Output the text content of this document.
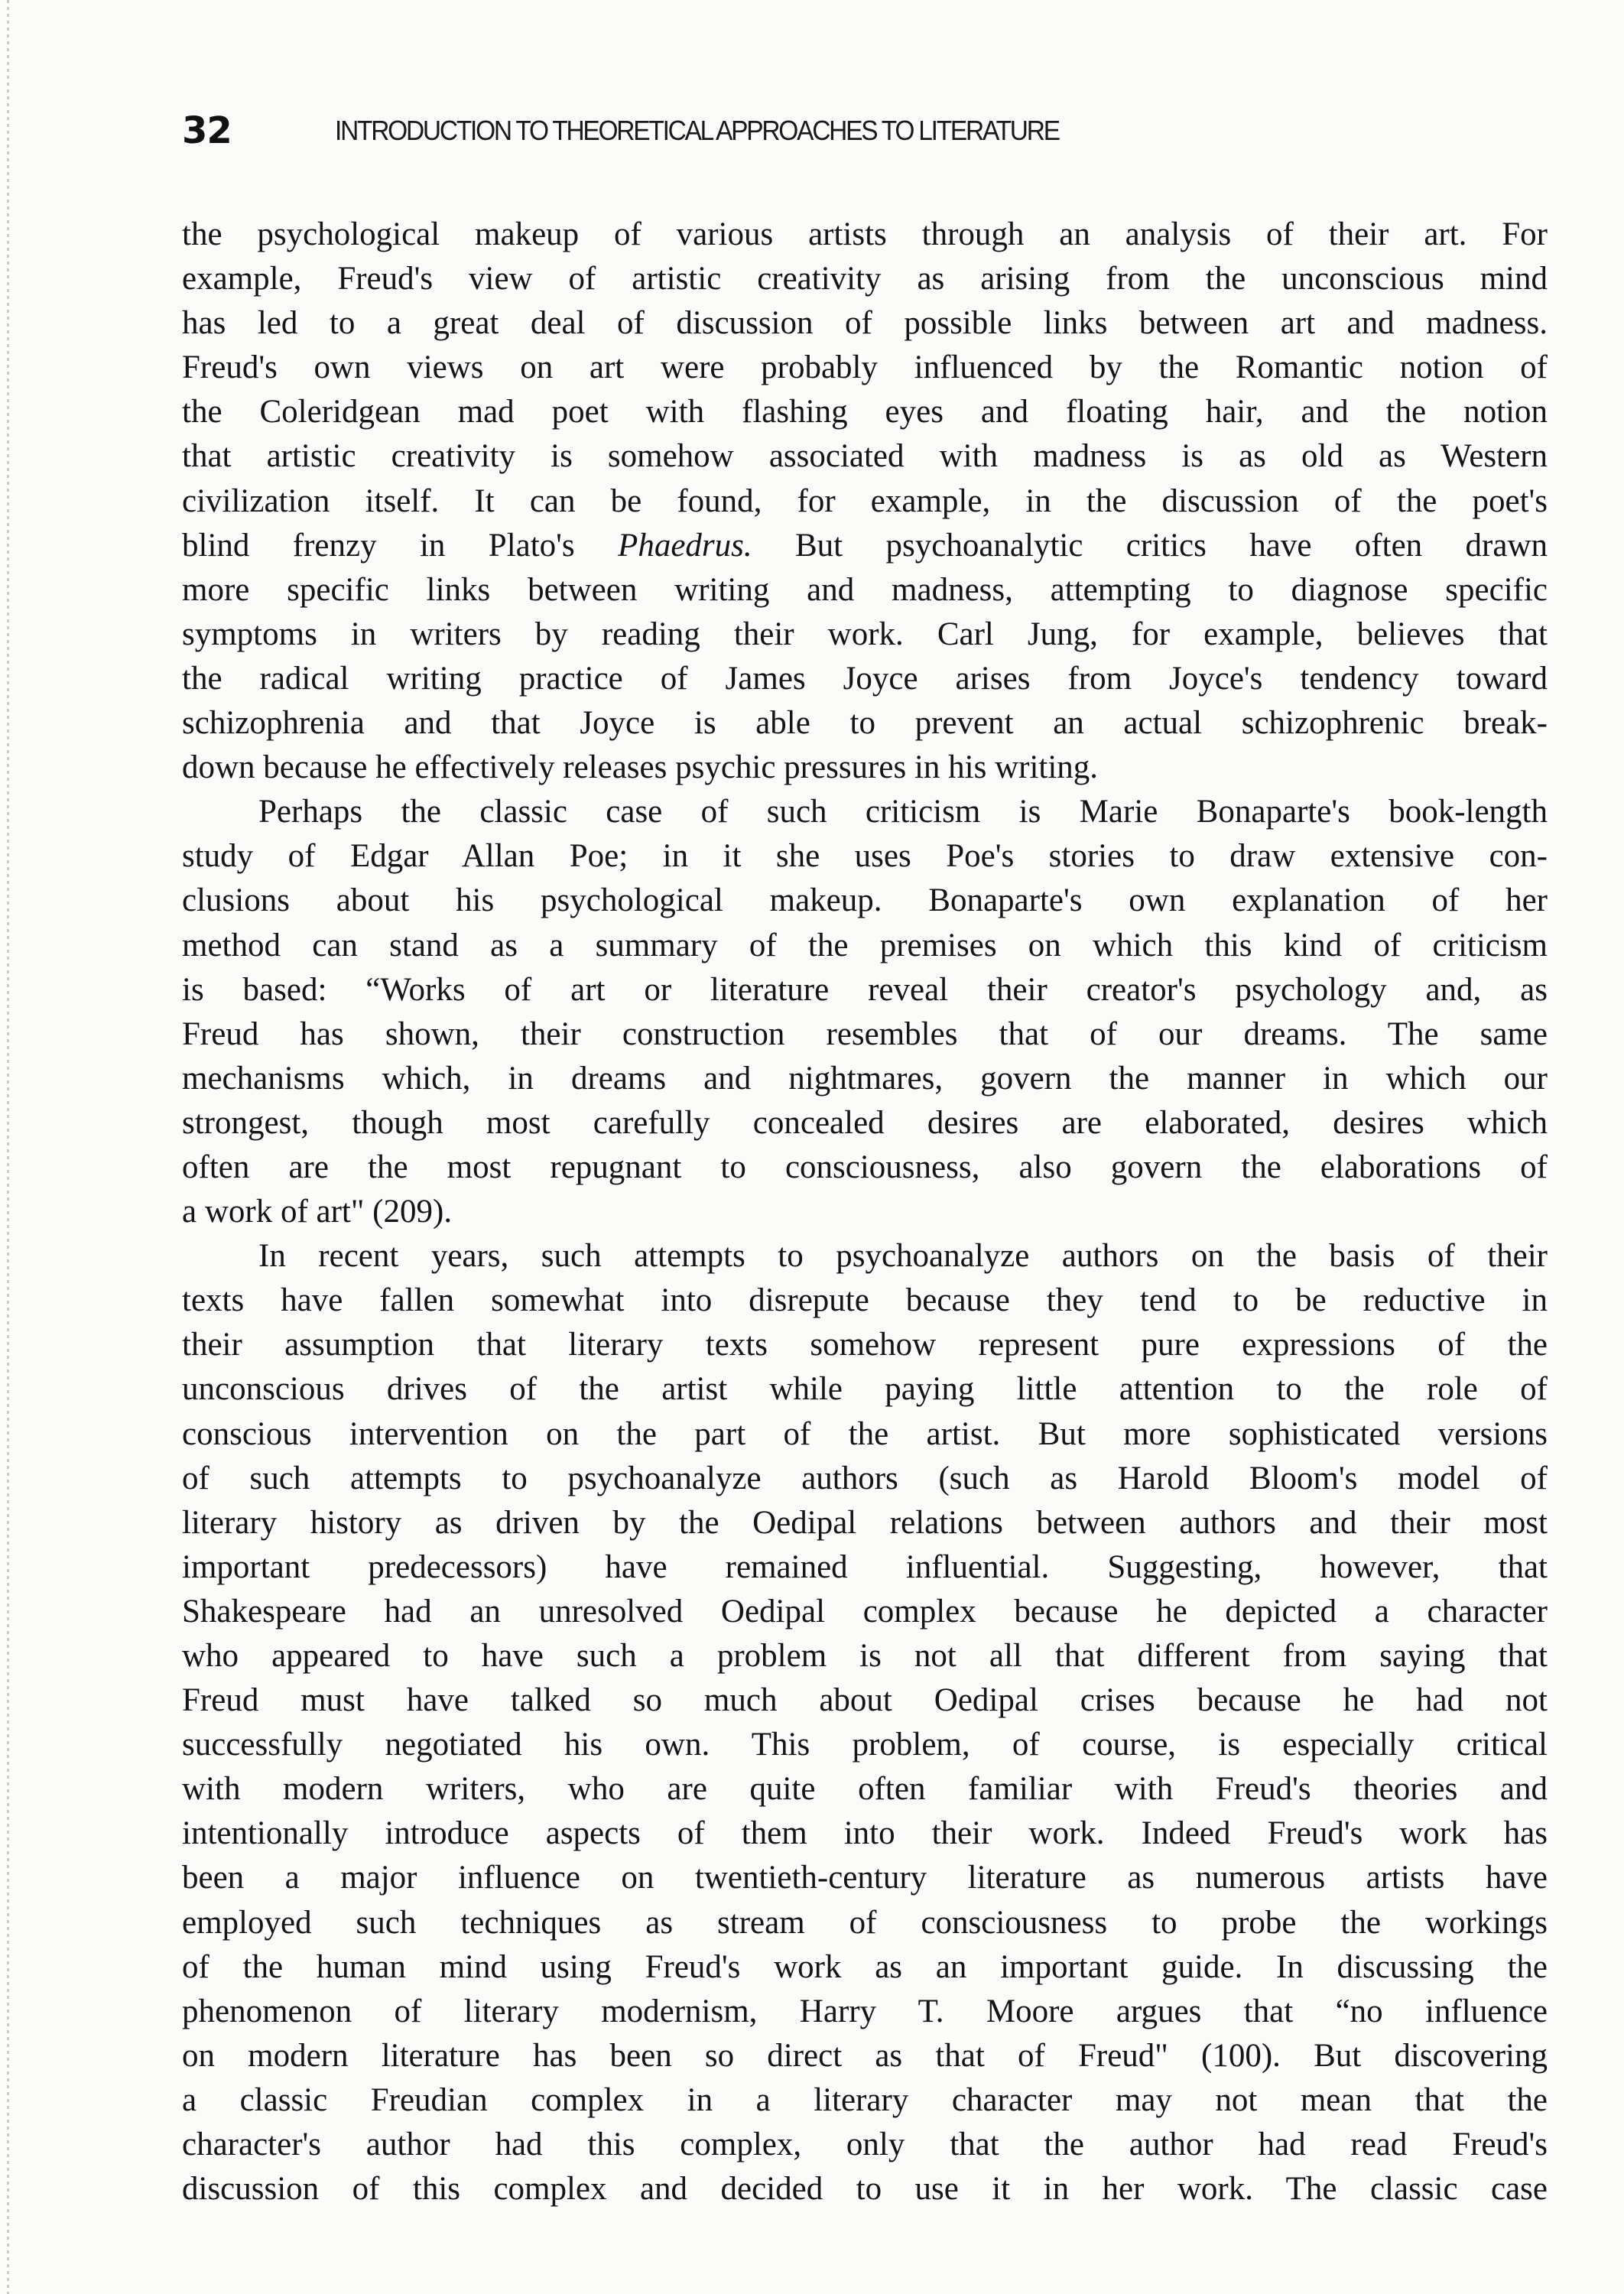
32	INTRODUCTION TO THEORETICAL APPROACHES TO LITERATURE
the psychological makeup of various artists through an analysis of their art. For
example, Freud's view of artistic creativity as arising from the unconscious mind
has led to a great deal of discussion of possible links between art and madness.
Freud's own views on art were probably influenced by the Romantic notion of
the Coleridgean mad poet with flashing eyes and floating hair, and the notion
that artistic creativity is somehow associated with madness is as old as Western
civilization itself. It can be found, for example, in the discussion of the poet's
blind frenzy in Plato's Phaedrus. But psychoanalytic critics have often drawn
more specific links between writing and madness, attempting to diagnose specific
symptoms in writers by reading their work. Carl Jung, for example, believes that
the radical writing practice of James Joyce arises from Joyce's tendency toward
schizophrenia and that Joyce is able to prevent an actual schizophrenic break-
down because he effectively releases psychic pressures in his writing.
Perhaps the classic case of such criticism is Marie Bonaparte's book-length
study of Edgar Allan Poe; in it she uses Poe's stories to draw extensive con-
clusions about his psychological makeup. Bonaparte's own explanation of her
method can stand as a summary of the premises on which this kind of criticism
is based: “Works of art or literature reveal their creator's psychology and, as
Freud has shown, their construction resembles that of our dreams. The same
mechanisms which, in dreams and nightmares, govern the manner in which our
strongest, though most carefully concealed desires are elaborated, desires which
often are the most repugnant to consciousness, also govern the elaborations of
a work of art" (209).
In recent years, such attempts to psychoanalyze authors on the basis of their
texts have fallen somewhat into disrepute because they tend to be reductive in
their assumption that literary texts somehow represent pure expressions of the
unconscious drives of the artist while paying little attention to the role of
conscious intervention on the part of the artist. But more sophisticated versions
of such attempts to psychoanalyze authors (such as Harold Bloom's model of
literary history as driven by the Oedipal relations between authors and their most
important predecessors) have remained influential. Suggesting, however, that
Shakespeare had an unresolved Oedipal complex because he depicted a character
who appeared to have such a problem is not all that different from saying that
Freud must have talked so much about Oedipal crises because he had not
successfully negotiated his own. This problem, of course, is especially critical
with modern writers, who are quite often familiar with Freud's theories and
intentionally introduce aspects of them into their work. Indeed Freud's work has
been a major influence on twentieth-century literature as numerous artists have
employed such techniques as stream of consciousness to probe the workings
of the human mind using Freud's work as an important guide. In discussing the
phenomenon of literary modernism, Harry T. Moore argues that “no influence
on modern literature has been so direct as that of Freud" (100). But discovering
a classic Freudian complex in a literary character may not mean that the
character's author had this complex, only that the author had read Freud's
discussion of this complex and decided to use it in her work. The classic case
